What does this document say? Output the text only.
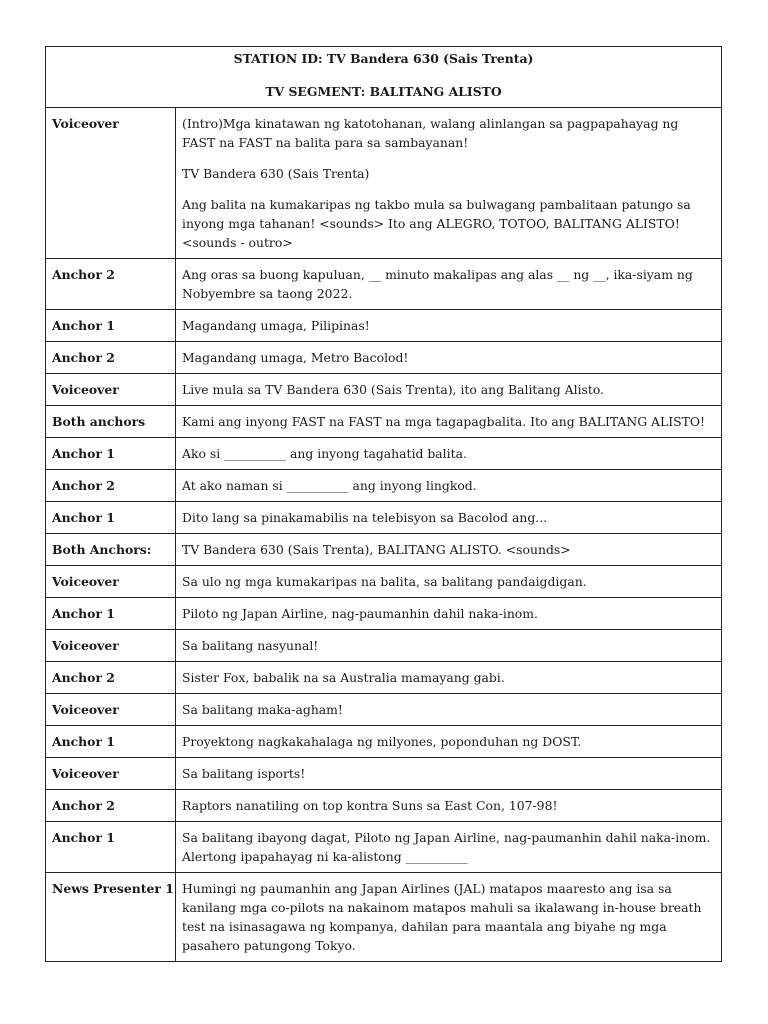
STATION ID: TV Bandera 630 (Sais Trenta)

TV SEGMENT: BALITANG ALISTO	

Voiceover	(Intro)Mga kinatawan ng katotohanan, walang alinlangan sa pagpapahayag ng FAST na FAST na balita para sa sambayanan!

TV Bandera 630 (Sais Trenta)

Ang balita na kumakaripas ng takbo mula sa bulwagang pambalitaan patungo sa inyong mga tahanan! <sounds> Ito ang ALEGRO, TOTOO, BALITANG ALISTO! <sounds - outro>

Anchor 2	Ang oras sa buong kapuluan, __ minuto makalipas ang alas __ ng __, ika-siyam ng Nobyembre sa taong 2022.

Anchor 1	Magandang umaga, Pilipinas!

Anchor 2	Magandang umaga, Metro Bacolod!

Voiceover	Live mula sa TV Bandera 630 (Sais Trenta), ito ang Balitang Alisto.

Both anchors	Kami ang inyong FAST na FAST na mga tagapagbalita. Ito ang BALITANG ALISTO!

Anchor 1	Ako si __________ ang inyong tagahatid balita.

Anchor 2	At ako naman si __________ ang inyong lingkod.

Anchor 1	Dito lang sa pinakamabilis na telebisyon sa Bacolod ang...

Both Anchors:	TV Bandera 630 (Sais Trenta), BALITANG ALISTO. <sounds>

Voiceover	Sa ulo ng mga kumakaripas na balita, sa balitang pandaigdigan.

Anchor 1	Piloto ng Japan Airline, nag-paumanhin dahil naka-inom.

Voiceover	Sa balitang nasyunal!

Anchor 2	Sister Fox, babalik na sa Australia mamayang gabi.

Voiceover	Sa balitang maka-agham!

Anchor 1	Proyektong nagkakahalaga ng milyones, poponduhan ng DOST.

Voiceover	Sa balitang isports!

Anchor 2	Raptors nanatiling on top kontra Suns sa East Con, 107-98!

Anchor 1	Sa balitang ibayong dagat, Piloto ng Japan Airline, nag-paumanhin dahil naka-inom. Alertong ipapahayag ni ka-alistong __________

News Presenter 1	Humingi ng paumanhin ang Japan Airlines (JAL) matapos maaresto ang isa sa kanilang mga co-pilots na nakainom matapos mahuli sa ikalawang in-house breath test na isinasagawa ng kompanya, dahilan para maantala ang biyahe ng mga pasahero patungong Tokyo.
